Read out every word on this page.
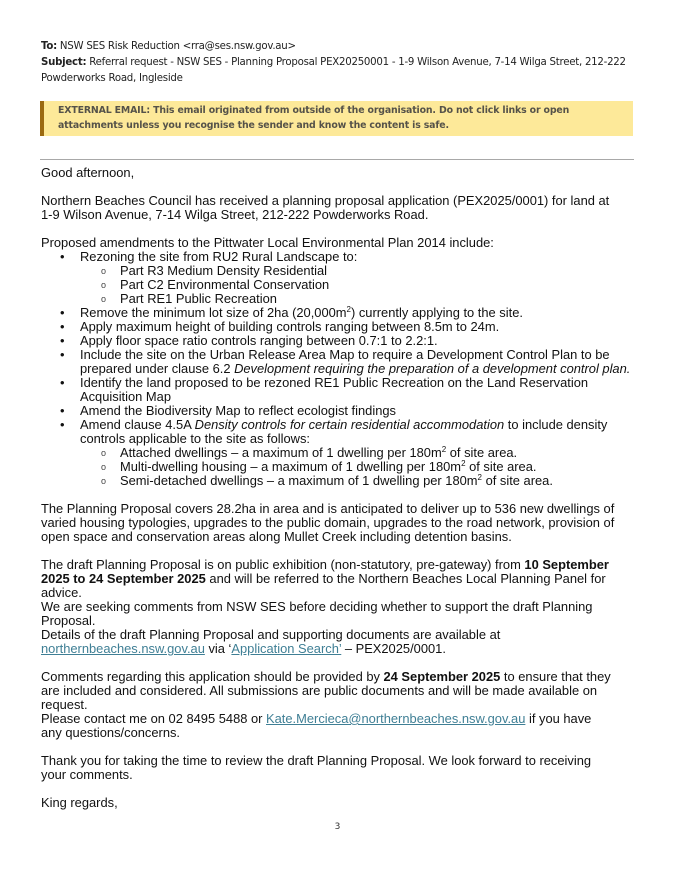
To: NSW SES Risk Reduction <rra@ses.nsw.gov.au>
Subject: Referral request - NSW SES - Planning Proposal PEX20250001 - 1-9 Wilson Avenue, 7-14 Wilga Street, 212-222 Powderworks Road, Ingleside
EXTERNAL EMAIL: This email originated from outside of the organisation. Do not click links or open attachments unless you recognise the sender and know the content is safe.

Good afternoon,

Northern Beaches Council has received a planning proposal application (PEX2025/0001) for land at 1-9 Wilson Avenue, 7-14 Wilga Street, 212-222 Powderworks Road.

Proposed amendments to the Pittwater Local Environmental Plan 2014 include:

•	Rezoning the site from RU2 Rural Landscape to:
o	Part R3 Medium Density Residential
o	Part C2 Environmental Conservation
o	Part RE1 Public Recreation
•	Remove the minimum lot size of 2ha $(20,000m^2)$ currently applying to the site.
•	Apply maximum height of building controls ranging between 8.5m to 24m.
•	Apply floor space ratio controls ranging between 0.7:1 to 2.2:1.
•	Include the site on the Urban Release Area Map to require a Development Control Plan to be prepared under clause 6.2 Development requiring the preparation of a development control plan.
•	Identify the land proposed to be rezoned RE1 Public Recreation on the Land Reservation Acquisition Map
•	Amend the Biodiversity Map to reflect ecologist findings
•	Amend clause 4.5A Density controls for certain residential accommodation to include density controls applicable to the site as follows:
o	Attached dwellings – a maximum of 1 dwelling per $180m^2$ of site area.
o	Multi-dwelling housing – a maximum of 1 dwelling per $180m^2$ of site area.
o	Semi-detached dwellings – a maximum of 1 dwelling per $180m^2$ of site area.

The Planning Proposal covers 28.2ha in area and is anticipated to deliver up to 536 new dwellings of varied housing typologies, upgrades to the public domain, upgrades to the road network, provision of open space and conservation areas along Mullet Creek including detention basins.

The draft Planning Proposal is on public exhibition (non-statutory, pre-gateway) from 10 September 2025 to 24 September 2025 and will be referred to the Northern Beaches Local Planning Panel for advice.

We are seeking comments from NSW SES before deciding whether to support the draft Planning Proposal.

Details of the draft Planning Proposal and supporting documents are available at northernbeaches.nsw.gov.au via ‘Application Search’ – PEX2025/0001.

Comments regarding this application should be provided by 24 September 2025 to ensure that they are included and considered. All submissions are public documents and will be made available on request.

Please contact me on 02 8495 5488 or Kate.Mercieca@northernbeaches.nsw.gov.au if you have any questions/concerns.

Thank you for taking the time to review the draft Planning Proposal. We look forward to receiving your comments.

King regards,

3
